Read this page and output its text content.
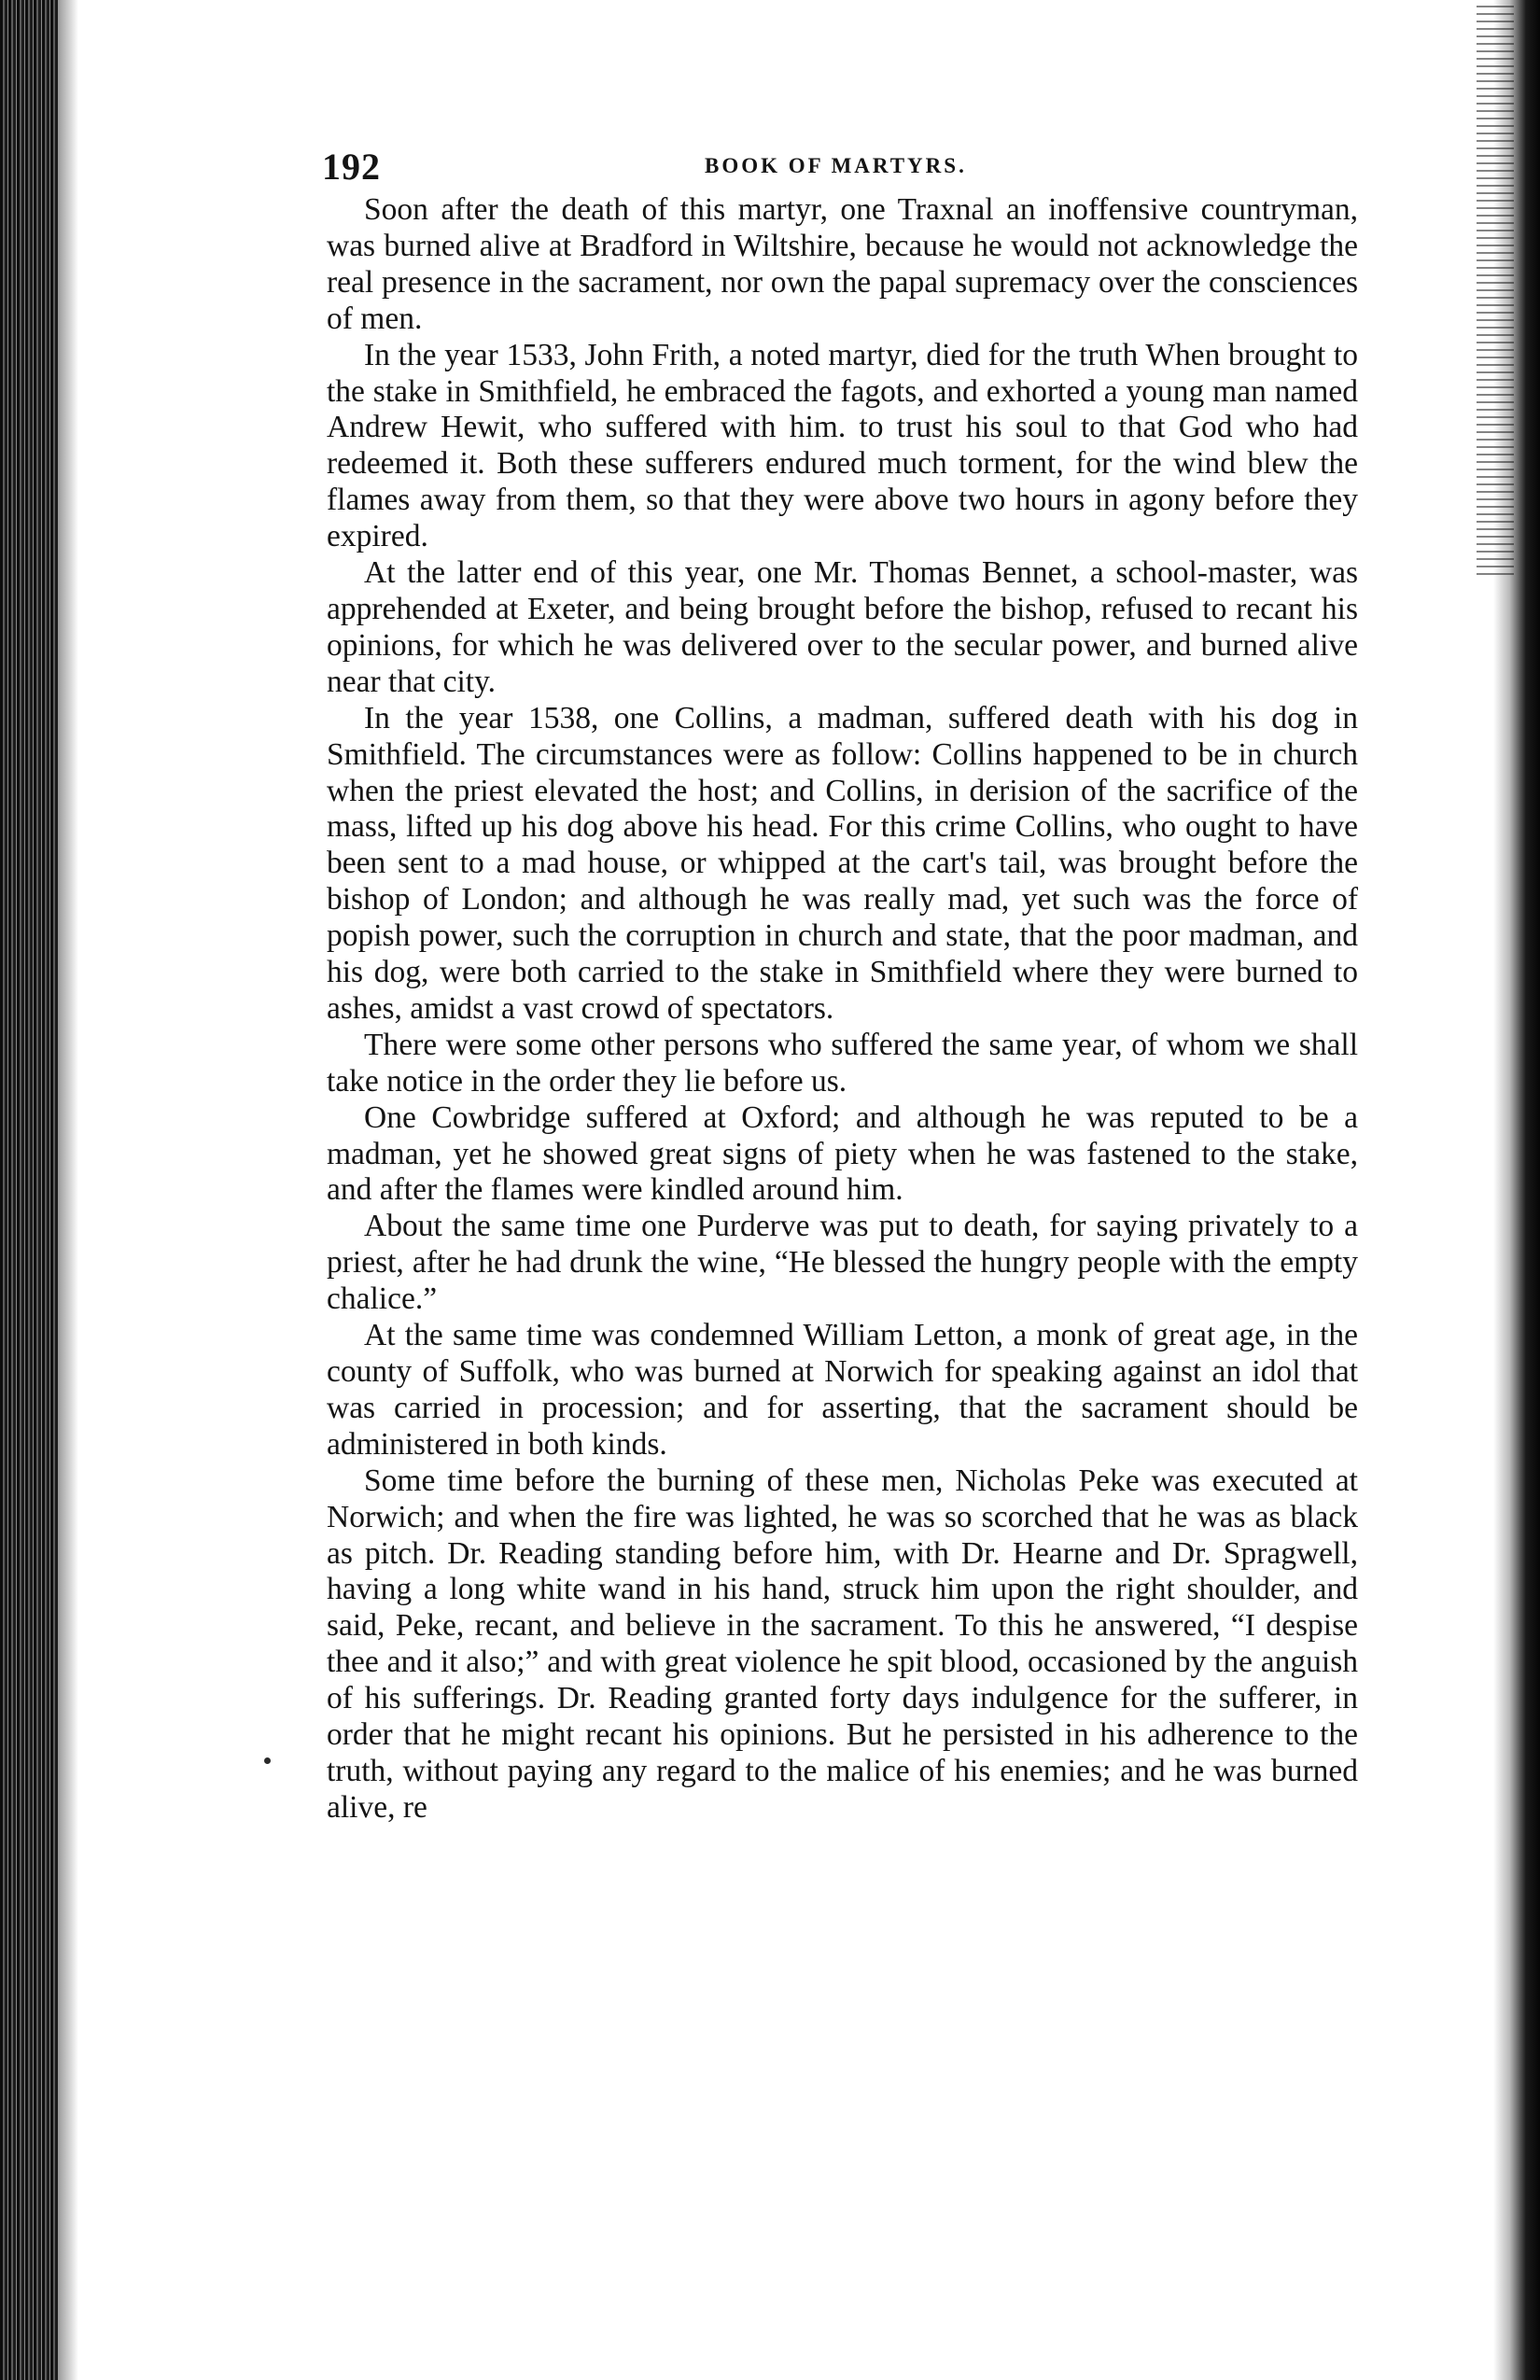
192	BOOK OF MARTYRS.

Soon after the death of this martyr, one Traxnal an inoffensive countryman, was burned alive at Bradford in Wiltshire, because he would not acknowledge the real presence in the sacrament, nor own the papal supremacy over the consciences of men.

In the year 1533, John Frith, a noted martyr, died for the truth When brought to the stake in Smithfield, he embraced the fagots, and exhorted a young man named Andrew Hewit, who suffered with him. to trust his soul to that God who had redeemed it. Both these sufferers endured much torment, for the wind blew the flames away from them, so that they were above two hours in agony before they expired.

At the latter end of this year, one Mr. Thomas Bennet, a school-master, was apprehended at Exeter, and being brought before the bishop, refused to recant his opinions, for which he was delivered over to the secular power, and burned alive near that city.

In the year 1538, one Collins, a madman, suffered death with his dog in Smithfield. The circumstances were as follow: Collins happened to be in church when the priest elevated the host; and Collins, in derision of the sacrifice of the mass, lifted up his dog above his head. For this crime Collins, who ought to have been sent to a mad house, or whipped at the cart's tail, was brought before the bishop of London; and although he was really mad, yet such was the force of popish power, such the corruption in church and state, that the poor madman, and his dog, were both carried to the stake in Smithfield where they were burned to ashes, amidst a vast crowd of spectators.

There were some other persons who suffered the same year, of whom we shall take notice in the order they lie before us.

One Cowbridge suffered at Oxford; and although he was reputed to be a madman, yet he showed great signs of piety when he was fastened to the stake, and after the flames were kindled around him.

About the same time one Purderve was put to death, for saying privately to a priest, after he had drunk the wine, “He blessed the hungry people with the empty chalice.”

At the same time was condemned William Letton, a monk of great age, in the county of Suffolk, who was burned at Norwich for speaking against an idol that was carried in procession; and for asserting, that the sacrament should be administered in both kinds.

Some time before the burning of these men, Nicholas Peke was executed at Norwich; and when the fire was lighted, he was so scorched that he was as black as pitch. Dr. Reading standing before him, with Dr. Hearne and Dr. Spragwell, having a long white wand in his hand, struck him upon the right shoulder, and said, Peke, recant, and believe in the sacrament. To this he answered, “I despise thee and it also;” and with great violence he spit blood, occasioned by the anguish of his sufferings. Dr. Reading granted forty days indulgence for the sufferer, in order that he might recant his opinions. But he persisted in his adherence to the truth, without paying any regard to the malice of his enemies; and he was burned alive, re
